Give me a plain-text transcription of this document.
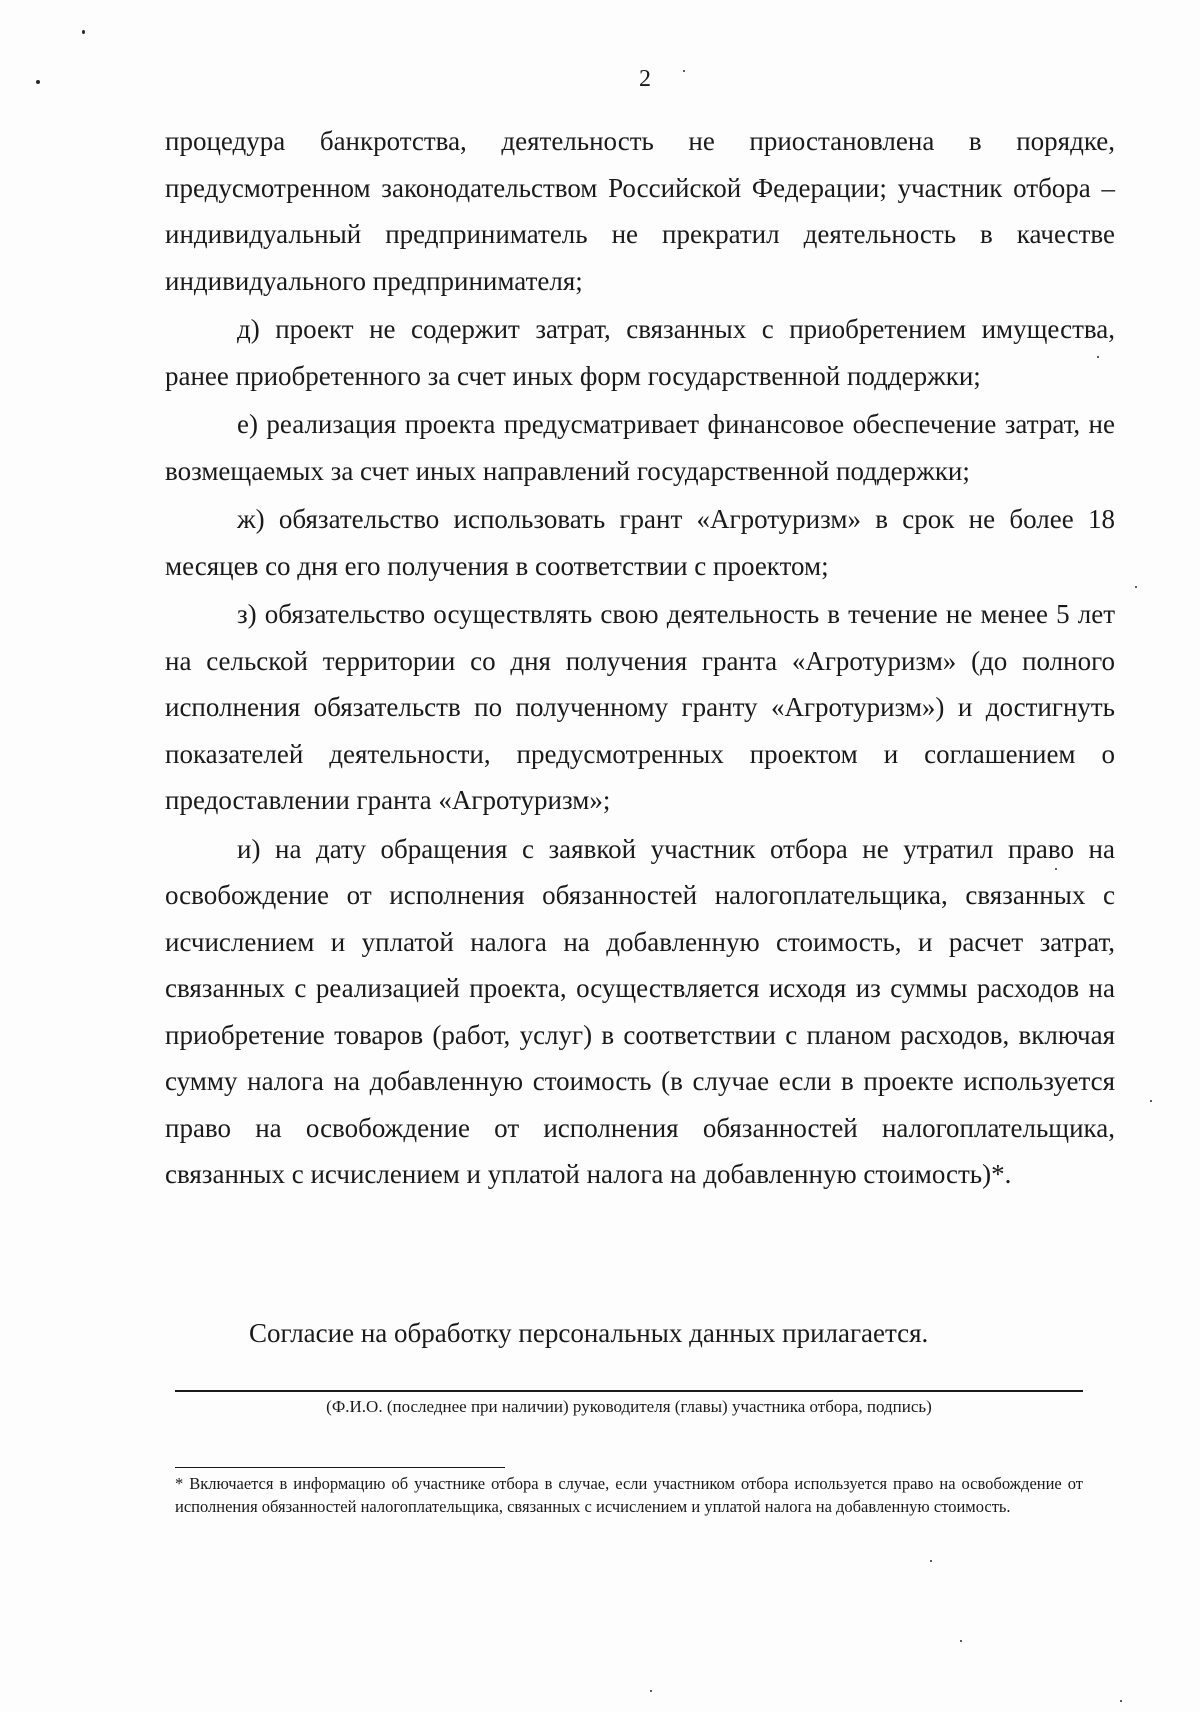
2

процедура банкротства, деятельность не приостановлена в порядке, предусмотренном законодательством Российской Федерации; участник отбора – индивидуальный предприниматель не прекратил деятельность в качестве индивидуального предпринимателя;

д) проект не содержит затрат, связанных с приобретением имущества, ранее приобретенного за счет иных форм государственной поддержки;

е) реализация проекта предусматривает финансовое обеспечение затрат, не возмещаемых за счет иных направлений государственной поддержки;

ж) обязательство использовать грант «Агротуризм» в срок не более 18 месяцев со дня его получения в соответствии с проектом;

з) обязательство осуществлять свою деятельность в течение не менее 5 лет на сельской территории со дня получения гранта «Агротуризм» (до полного исполнения обязательств по полученному гранту «Агротуризм») и достигнуть показателей деятельности, предусмотренных проектом и соглашением о предоставлении гранта «Агротуризм»;

и) на дату обращения с заявкой участник отбора не утратил право на освобождение от исполнения обязанностей налогоплательщика, связанных с исчислением и уплатой налога на добавленную стоимость, и расчет затрат, связанных с реализацией проекта, осуществляется исходя из суммы расходов на приобретение товаров (работ, услуг) в соответствии с планом расходов, включая сумму налога на добавленную стоимость (в случае если в проекте используется право на освобождение от исполнения обязанностей налогоплательщика, связанных с исчислением и уплатой налога на добавленную стоимость)*.

Согласие на обработку персональных данных прилагается.
(Ф.И.О. (последнее при наличии) руководителя (главы) участника отбора, подпись)
* Включается в информацию об участнике отбора в случае, если участником отбора используется право на освобождение от исполнения обязанностей налогоплательщика, связанных с исчислением и уплатой налога на добавленную стоимость.
